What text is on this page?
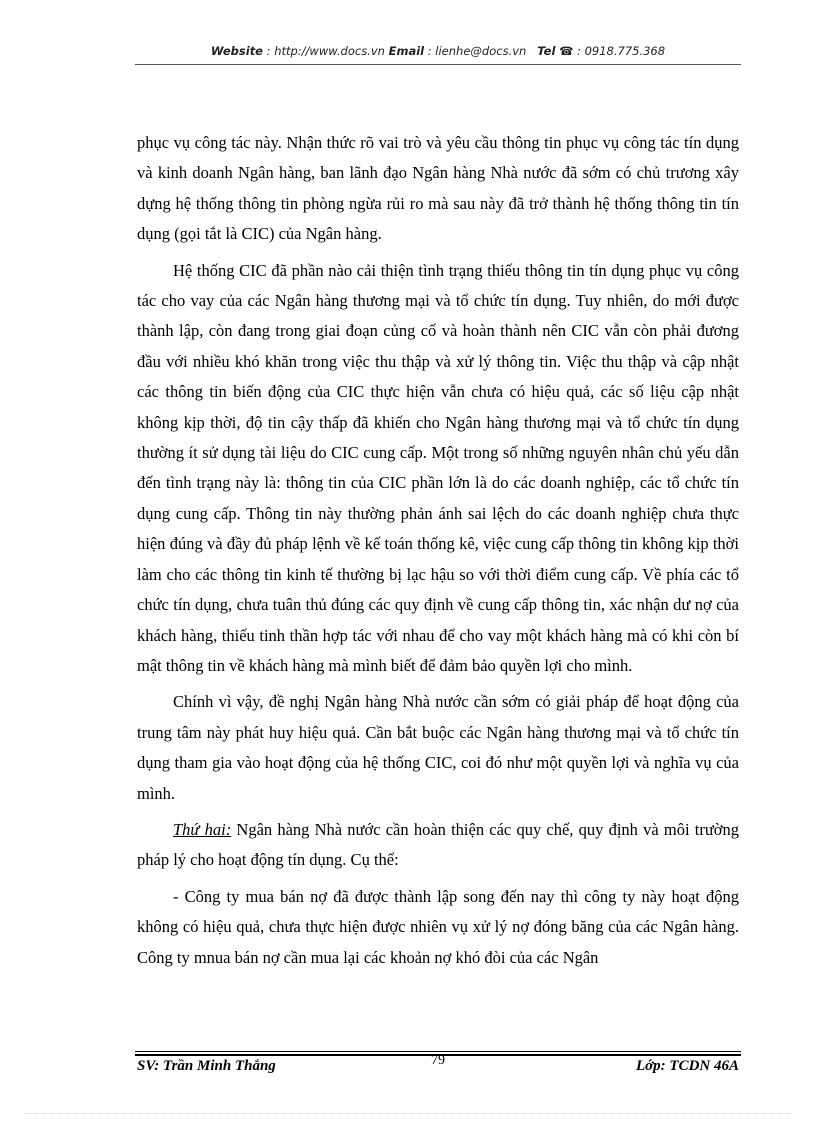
Website : http://www.docs.vn Email : lienhe@docs.vn Tel ☎ : 0918.775.368

phục vụ công tác này. Nhận thức rõ vai trò và yêu cầu thông tin phục vụ công tác tín dụng và kinh doanh Ngân hàng, ban lãnh đạo Ngân hàng Nhà nước đã sớm có chủ trương xây dựng hệ thống thông tin phòng ngừa rủi ro mà sau này đã trở thành hệ thống thông tin tín dụng (gọi tắt là CIC) của Ngân hàng.

Hệ thống CIC đã phần nào cải thiện tình trạng thiếu thông tin tín dụng phục vụ công tác cho vay của các Ngân hàng thương mại và tổ chức tín dụng. Tuy nhiên, do mới được thành lập, còn đang trong giai đoạn củng cố và hoàn thành nên CIC vẫn còn phải đương đầu với nhiều khó khăn trong việc thu thập và xử lý thông tin. Việc thu thập và cập nhật các thông tin biến động của CIC thực hiện vẫn chưa có hiệu quả, các số liệu cập nhật không kịp thời, độ tin cậy thấp đã khiến cho Ngân hàng thương mại và tổ chức tín dụng thường ít sử dụng tài liệu do CIC cung cấp. Một trong số những nguyên nhân chủ yếu dẫn đến tình trạng này là: thông tin của CIC phần lớn là do các doanh nghiệp, các tổ chức tín dụng cung cấp. Thông tin này thường phản ánh sai lệch do các doanh nghiệp chưa thực hiện đúng và đầy đủ pháp lệnh về kế toán thống kê, việc cung cấp thông tin không kịp thời làm cho các thông tin kinh tế thường bị lạc hậu so với thời điểm cung cấp. Về phía các tổ chức tín dụng, chưa tuân thủ đúng các quy định về cung cấp thông tin, xác nhận dư nợ của khách hàng, thiếu tinh thần hợp tác với nhau để cho vay một khách hàng mà có khi còn bí mật thông tin về khách hàng mà mình biết để đảm bảo quyền lợi cho mình.

Chính vì vậy, đề nghị Ngân hàng Nhà nước cần sớm có giải pháp để hoạt động của trung tâm này phát huy hiệu quả. Cần bắt buộc các Ngân hàng thương mại và tổ chức tín dụng tham gia vào hoạt động của hệ thống CIC, coi đó như một quyền lợi và nghĩa vụ của mình.

Thứ hai: Ngân hàng Nhà nước cần hoàn thiện các quy chế, quy định và môi trường pháp lý cho hoạt động tín dụng. Cụ thể:

- Công ty mua bán nợ đã được thành lập song đến nay thì công ty này hoạt động không có hiệu quả, chưa thực hiện được nhiên vụ xử lý nợ đóng băng của các Ngân hàng. Công ty mnua bán nợ cần mua lại các khoản nợ khó đòi của các Ngân

SV: Trần Minh Thắng	79	Lớp: TCDN 46A
